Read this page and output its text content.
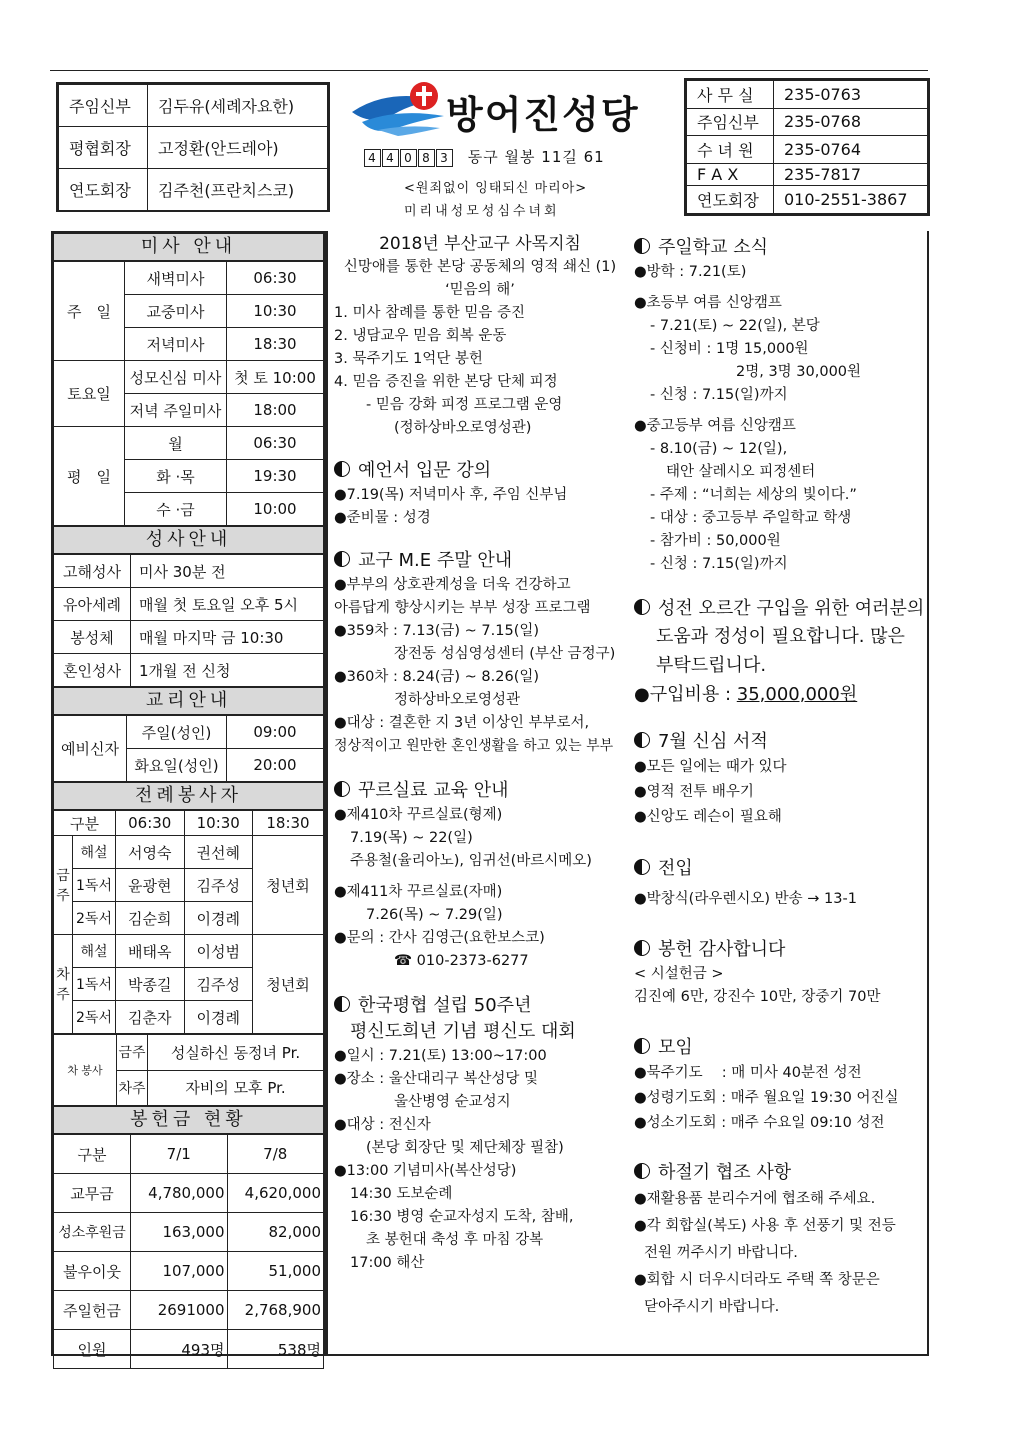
주임신부	김두유(세례자요한)
평협회장	고정환(안드레아)
연도회장	김주천(프란치스코)
방어진성당
4 4 0 8 3 동구 월봉 11길 61
<원죄없이 잉태되신 마리아>
미리내성모성심수녀회
사 무 실	235-0763
주임신부	235-0768
수 녀 원	235-0764
F A X	235-7817
연도회장	010-2551-3867
미사 안내
주　일	새벽미사	06:30
	교중미사	10:30
	저녁미사	18:30
토요일	성모신심 미사	첫 토 10:00
	저녁 주일미사	18:00
평　일	월	06:30
	화 ·목	19:30
	수 ·금	10:00
성사안내
고해성사	미사 30분 전
유아세례	매월 첫 토요일 오후 5시
봉성체	매월 마지막 금 10:30
혼인성사	1개월 전 신청
교리안내
예비신자	주일(성인)	09:00
	화요일(성인)	20:00
전례봉사자
구분		06:30	10:30	18:30
금주	해설	서영숙	권선혜	청년회
	1독서	윤광현	김주성	
	2독서	김순희	이경례	
차주	해설	배태옥	이성범	청년회
	1독서	박종길	김주성	
	2독서	김춘자	이경례	
차 봉사	금주	성실하신 동정녀 Pr.
	차주	자비의 모후 Pr.
봉헌금 현황
구분	7/1	7/8
교무금	4,780,000	4,620,000
성소후원금	163,000	82,000
불우이웃	107,000	51,000
주일헌금	2691000	2,768,900
인원	493명	538명
2018년 부산교구 사목지침
신망애를 통한 본당 공동체의 영적 쇄신 (1)
‘믿음의 해’
1. 미사 참례를 통한 믿음 증진
2. 냉담교우 믿음 회복 운동
3. 묵주기도 1억단 봉헌
4. 믿음 증진을 위한 본당 단체 피정
- 믿음 강화 피정 프로그램 운영
(정하상바오로영성관)
예언서 입문 강의
●7.19(목) 저녁미사 후, 주임 신부님
●준비물 : 성경
교구 M.E 주말 안내
●부부의 상호관계성을 더욱 건강하고
아름답게 향상시키는 부부 성장 프로그램
●359차 : 7.13(금) ~ 7.15(일)
장전동 성심영성센터 (부산 금정구)
●360차 : 8.24(금) ~ 8.26(일)
정하상바오로영성관
●대상 : 결혼한 지 3년 이상인 부부로서,
정상적이고 원만한 혼인생활을 하고 있는 부부
꾸르실료 교육 안내
●제410차 꾸르실료(형제)
7.19(목) ~ 22(일)
주용철(율리아노), 임귀선(바르시메오)
●제411차 꾸르실료(자매)
7.26(목) ~ 7.29(일)
●문의 : 간사 김영근(요한보스코)
☎ 010-2373-6277
한국평협 설립 50주년
평신도희년 기념 평신도 대회
●일시 : 7.21(토) 13:00~17:00
●장소 : 울산대리구 복산성당 및
울산병영 순교성지
●대상 : 전신자
(본당 회장단 및 제단체장 필참)
●13:00 기념미사(복산성당)
14:30 도보순례
16:30 병영 순교자성지 도착, 참배,
초 봉헌대 축성 후 마침 강복
17:00 해산
주일학교 소식
●방학 : 7.21(토)
●초등부 여름 신앙캠프
- 7.21(토) ~ 22(일), 본당
- 신청비 : 1명 15,000원
2명, 3명 30,000원
- 신청 : 7.15(일)까지
●중고등부 여름 신앙캠프
- 8.10(금) ~ 12(일),
태안 살레시오 피정센터
- 주제 : “너희는 세상의 빛이다.”
- 대상 : 중고등부 주일학교 학생
- 참가비 : 50,000원
- 신청 : 7.15(일)까지
성전 오르간 구입을 위한 여러분의
도움과 정성이 필요합니다. 많은
부탁드립니다.
●구입비용 : 35,000,000원
7월 신심 서적
●모든 일에는 때가 있다
●영적 전투 배우기
●신앙도 레슨이 필요해
전입
●박창식(라우렌시오) 반송 → 13-1
봉헌 감사합니다
< 시설헌금 >
김진예 6만, 강진수 10만, 장중기 70만
모임
●묵주기도　 : 매 미사 40분전 성전
●성령기도회 : 매주 월요일 19:30 어진실
●성소기도회 : 매주 수요일 09:10 성전
하절기 협조 사항
●재활용품 분리수거에 협조해 주세요.
●각 회합실(복도) 사용 후 선풍기 및 전등
전원 꺼주시기 바랍니다.
●회합 시 더우시더라도 주택 쪽 창문은
닫아주시기 바랍니다.
